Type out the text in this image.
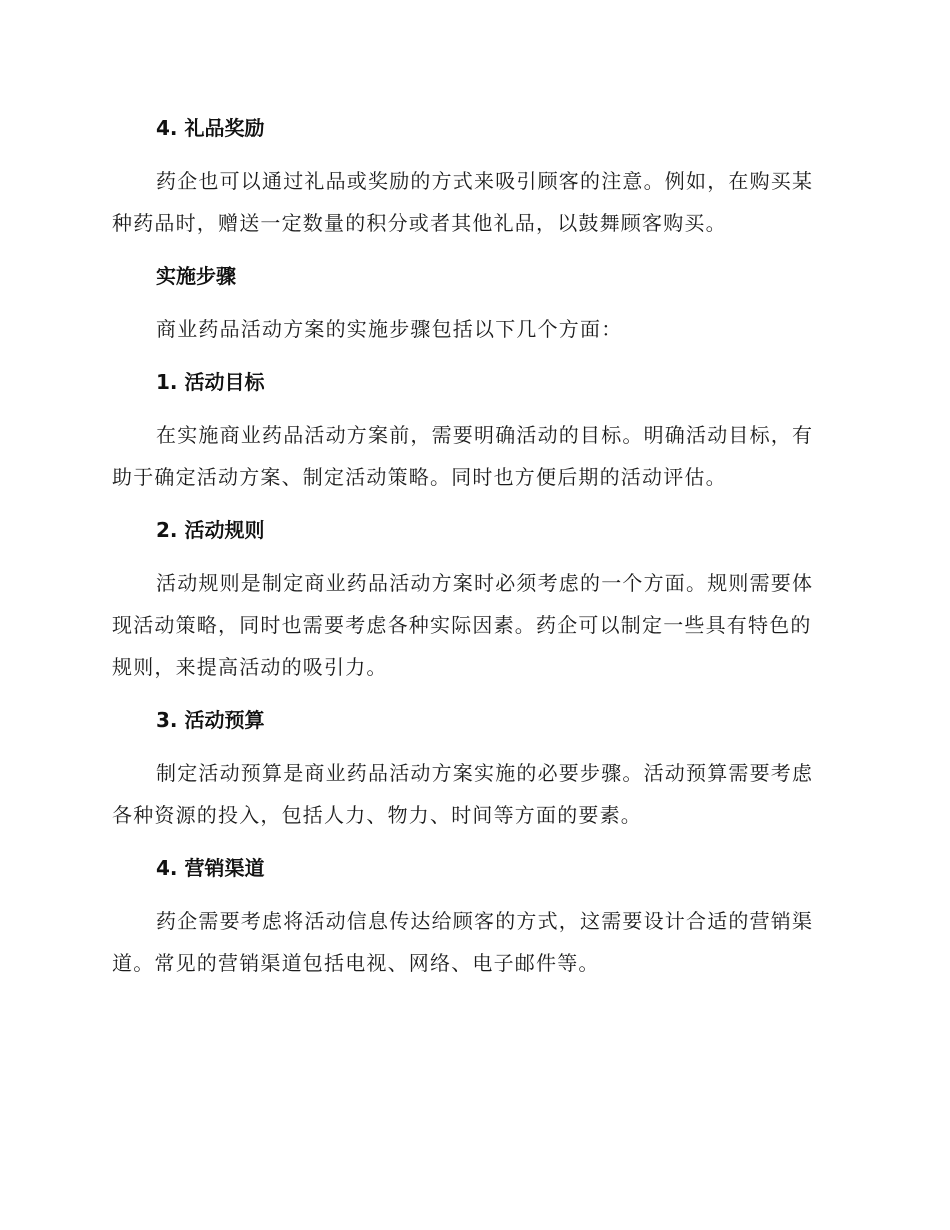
4. 礼品奖励

药企也可以通过礼品或奖励的方式来吸引顾客的注意。例如，在购买某种药品时，赠送一定数量的积分或者其他礼品，以鼓舞顾客购买。

实施步骤

商业药品活动方案的实施步骤包括以下几个方面：

1. 活动目标

在实施商业药品活动方案前，需要明确活动的目标。明确活动目标，有助于确定活动方案、制定活动策略。同时也方便后期的活动评估。

2. 活动规则

活动规则是制定商业药品活动方案时必须考虑的一个方面。规则需要体现活动策略，同时也需要考虑各种实际因素。药企可以制定一些具有特色的规则，来提高活动的吸引力。

3. 活动预算

制定活动预算是商业药品活动方案实施的必要步骤。活动预算需要考虑各种资源的投入，包括人力、物力、时间等方面的要素。

4. 营销渠道

药企需要考虑将活动信息传达给顾客的方式，这需要设计合适的营销渠道。常见的营销渠道包括电视、网络、电子邮件等。
